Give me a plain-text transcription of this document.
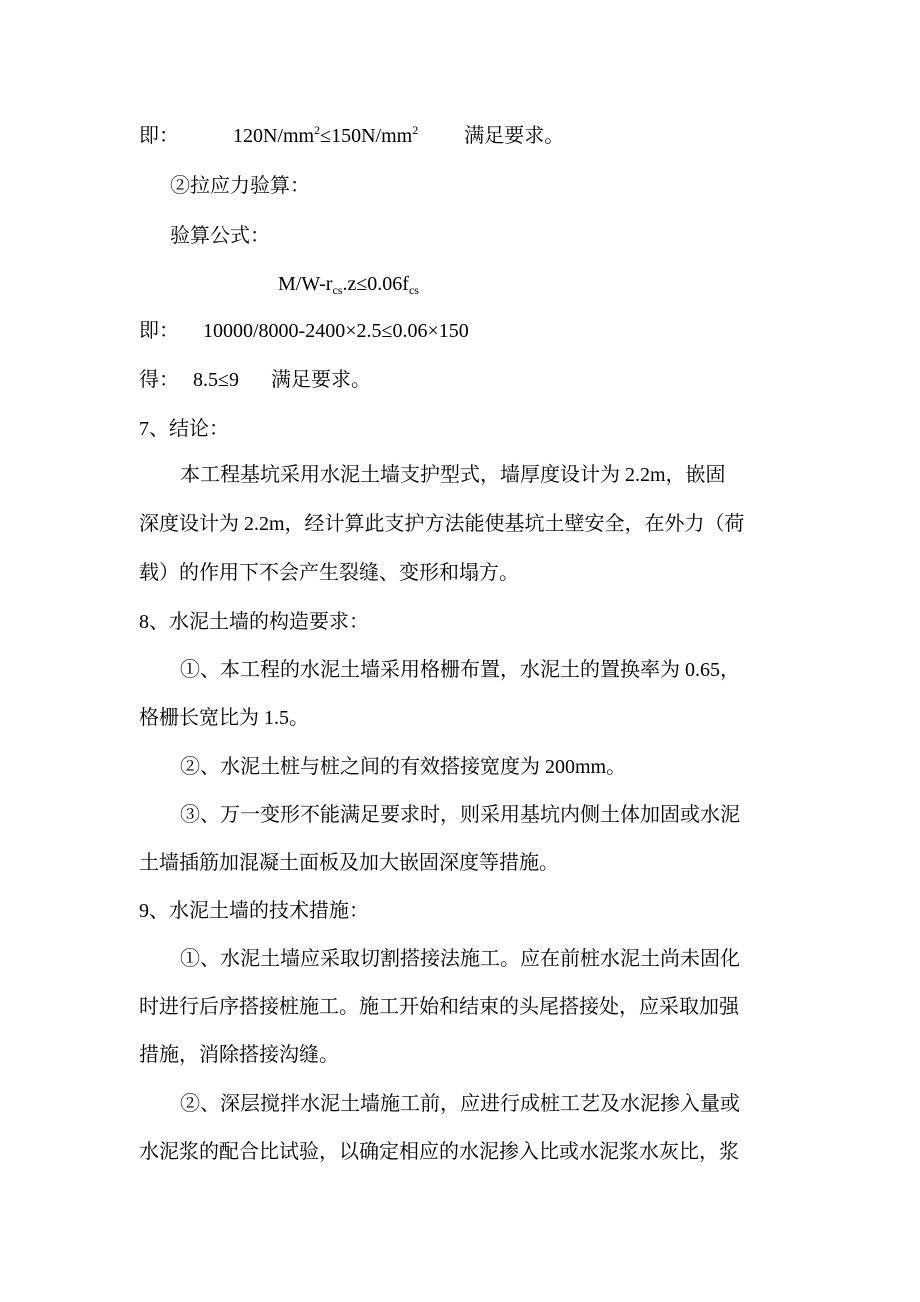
即：	$120N/mm^2\le 150N/mm^2$ 满足要求。
②拉应力验算：
验算公式：
$M/W-r_{cs}.z\le 0.06f_{cs}$
即： 10000/8000-2400×2.5≤0.06×150
得： 8.5≤9 满足要求。
7、结论：
本工程基坑采用水泥土墙支护型式，墙厚度设计为 2.2m，嵌固
深度设计为 2.2m，经计算此支护方法能使基坑土壁安全，在外力（荷
载）的作用下不会产生裂缝、变形和塌方。
8、水泥土墙的构造要求：
①、本工程的水泥土墙采用格栅布置，水泥土的置换率为 0.65，
格栅长宽比为 1.5。
②、水泥土桩与桩之间的有效搭接宽度为 200mm。
③、万一变形不能满足要求时，则采用基坑内侧土体加固或水泥
土墙插筋加混凝土面板及加大嵌固深度等措施。
9、水泥土墙的技术措施：
①、水泥土墙应采取切割搭接法施工。应在前桩水泥土尚未固化
时进行后序搭接桩施工。施工开始和结束的头尾搭接处，应采取加强
措施，消除搭接沟缝。
②、深层搅拌水泥土墙施工前，应进行成桩工艺及水泥掺入量或
水泥浆的配合比试验，以确定相应的水泥掺入比或水泥浆水灰比，浆
